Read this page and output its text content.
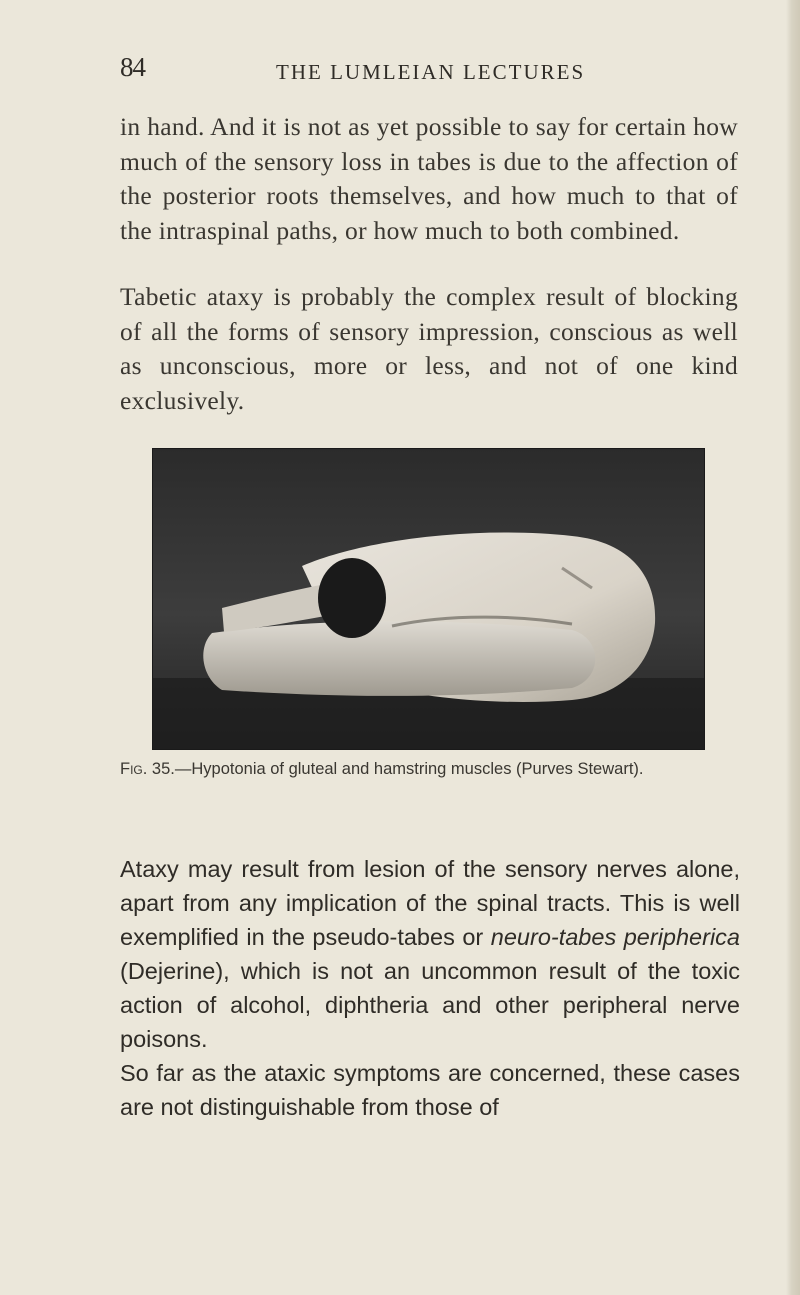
84	THE LUMLEIAN LECTURES

in hand. And it is not as yet possible to say for certain how much of the sensory loss in tabes is due to the affection of the posterior roots themselves, and how much to that of the intraspinal paths, or how much to both combined.

Tabetic ataxy is probably the complex result of blocking of all the forms of sensory impression, conscious as well as unconscious, more or less, and not of one kind exclusively.

Fig. 35.—Hypotonia of gluteal and hamstring muscles (Purves Stewart).

Ataxy may result from lesion of the sensory nerves alone, apart from any implication of the spinal tracts. This is well exemplified in the pseudo-tabes or neuro-tabes peripherica (Dejerine), which is not an uncommon result of the toxic action of alcohol, diphtheria and other peripheral nerve poisons.

So far as the ataxic symptoms are concerned, these cases are not distinguishable from those of
